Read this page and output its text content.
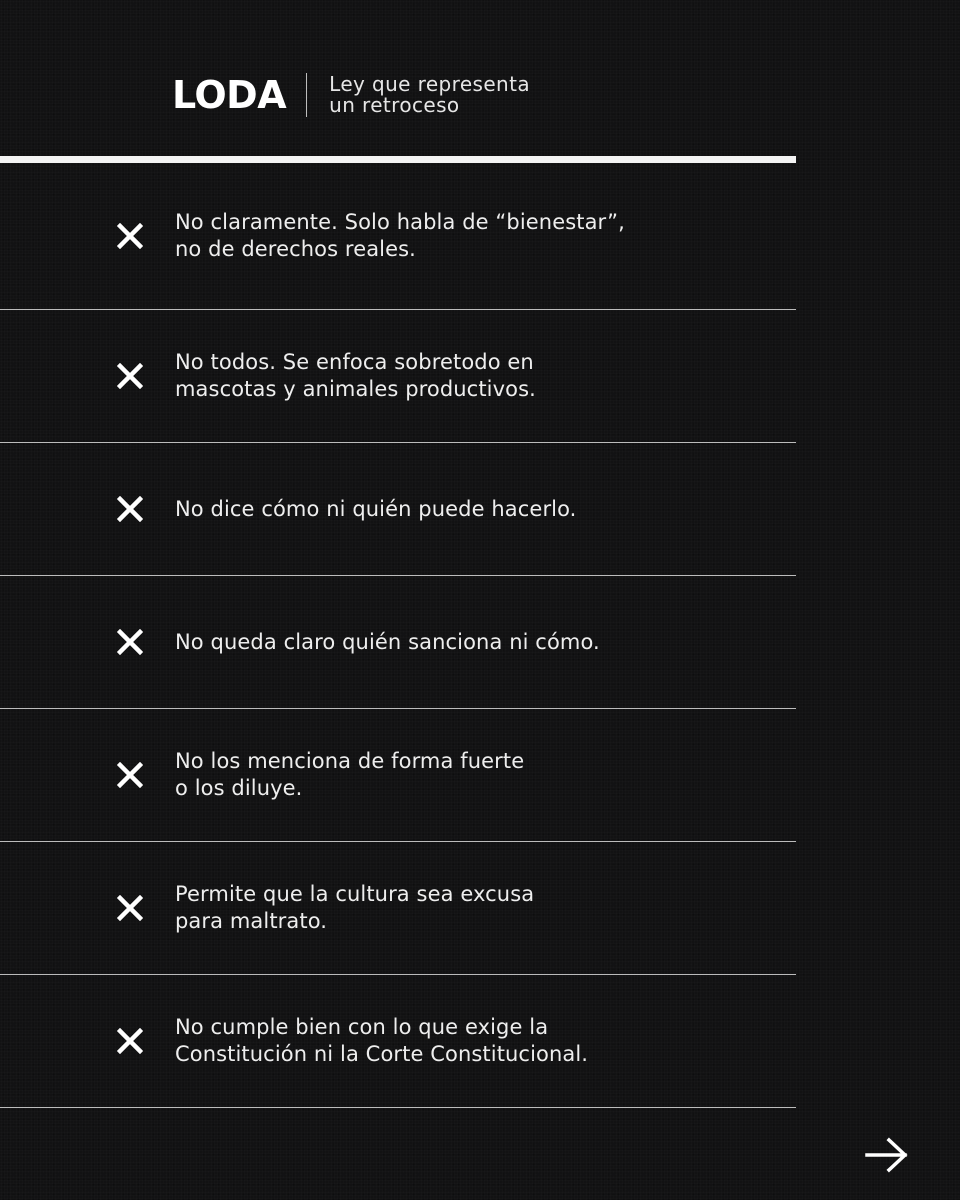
LODA Ley que representa
un retroceso
No claramente. Solo habla de “bienestar”,
no de derechos reales.
No todos. Se enfoca sobretodo en
mascotas y animales productivos.
No dice cómo ni quién puede hacerlo.
No queda claro quién sanciona ni cómo.
No los menciona de forma fuerte
o los diluye.
Permite que la cultura sea excusa
para maltrato.
No cumple bien con lo que exige la
Constitución ni la Corte Constitucional.
